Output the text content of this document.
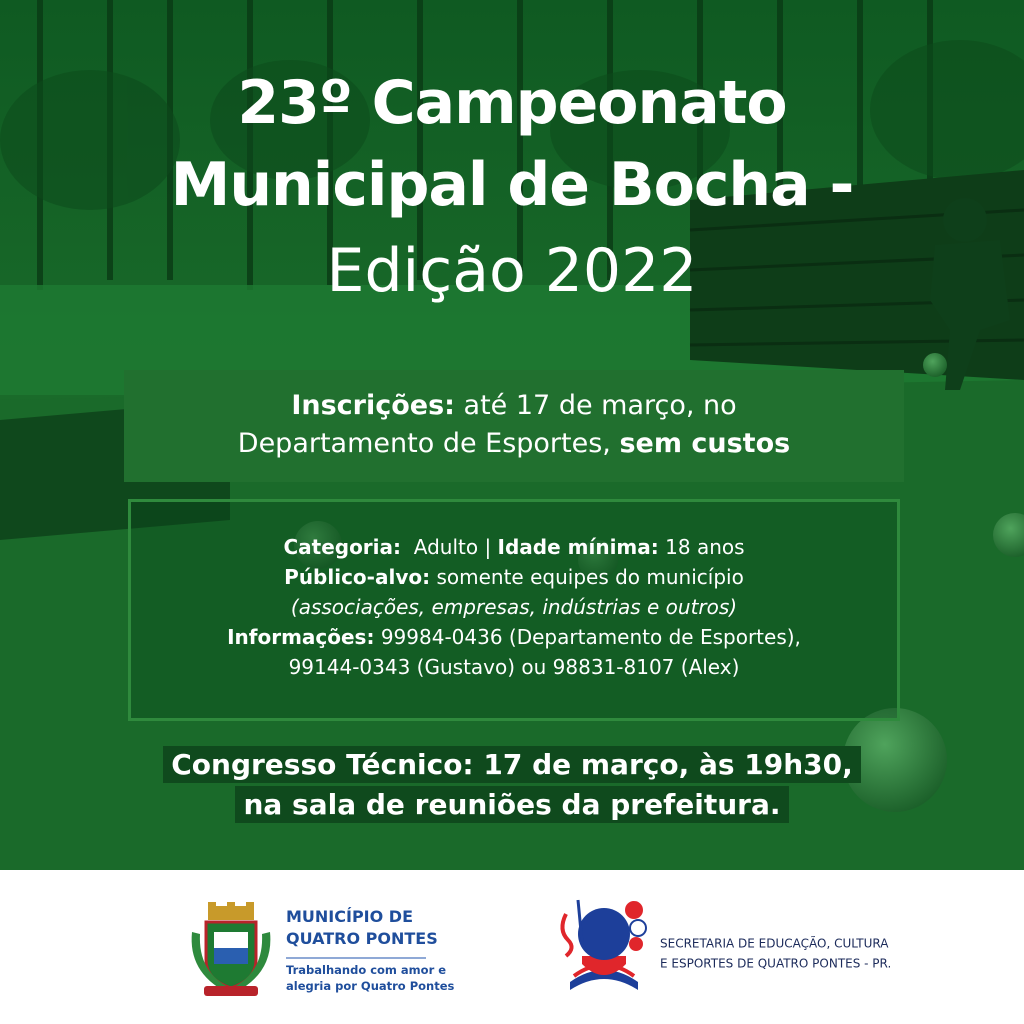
23º Campeonato
Municipal de Bocha -
Edição 2022
Inscrições: até 17 de março, no
Departamento de Esportes, sem custos
Categoria:  Adulto | Idade mínima: 18 anos
Público-alvo: somente equipes do município
(associações, empresas, indústrias e outros)
Informações: 99984-0436 (Departamento de Esportes),
99144-0343 (Gustavo) ou 98831-8107 (Alex)
Congresso Técnico: 17 de março, às 19h30,
na sala de reuniões da prefeitura.
MUNICÍPIO DE
QUATRO PONTES
Trabalhando com amor e
alegria por Quatro Pontes
SECRETARIA DE EDUCAÇÃO, CULTURA
E ESPORTES DE QUATRO PONTES - PR.
